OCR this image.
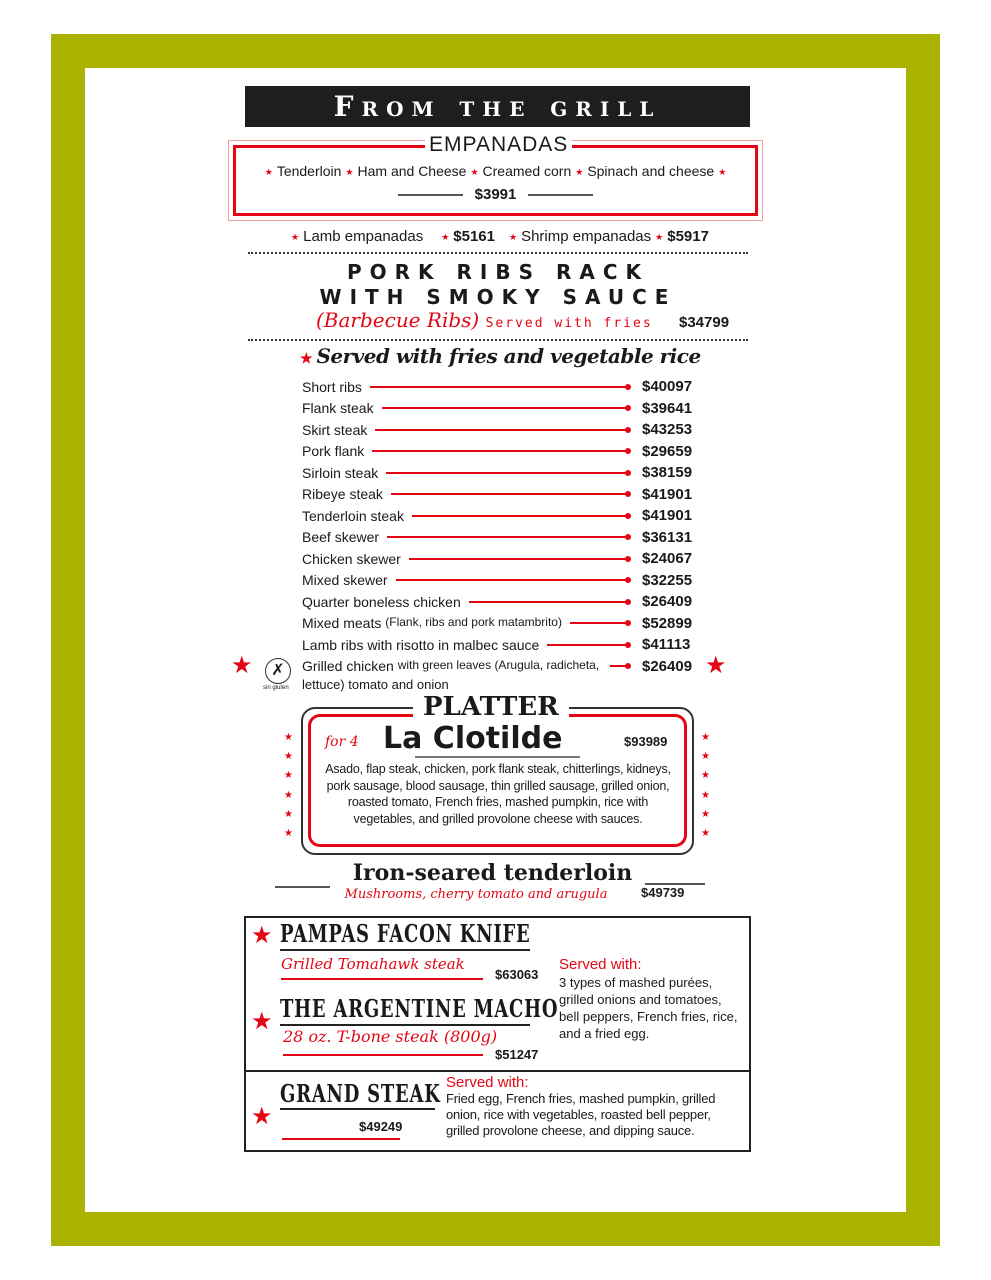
From the grill
EMPANADAS
★ Tenderloin ★ Ham and Cheese ★ Creamed corn ★ Spinach and cheese ★
$3991
★ Lamb empanadas ★ $5161 ★ Shrimp empanadas ★ $5917
PORK RIBS RACK
WITH SMOKY SAUCE
(Barbecue Ribs) Served with fries $34799
★ Served with fries and vegetable rice
Short ribs	$40097
Flank steak	$39641
Skirt steak	$43253
Pork flank	$29659
Sirloin steak	$38159
Ribeye steak	$41901
Tenderloin steak	$41901
Beef skewer	$36131
Chicken skewer	$24067
Mixed skewer	$32255
Quarter boneless chicken	$26409
Mixed meats
(Flank, ribs and pork matambrito)	$52899
Lamb ribs with risotto in malbec sauce	$41113
Grilled chicken
with green leaves (Arugula, radicheta,	$26409
lettuce) tomato and onion
★	★
✗
sin gluten
PLATTER
for 4 La Clotilde	$93989
Asado, flap steak, chicken, pork flank steak, chitterlings, kidneys, pork sausage, blood sausage, thin grilled sausage, grilled onion, roasted tomato, French fries, mashed pumpkin, rice with vegetables, and grilled provolone cheese with sauces.
★
★
★
★
★
★
★
★
★
★
★
★
Iron-seared tenderloin
Mushrooms, cherry tomato and arugula	$49739
★ PAMPAS FACON KNIFE
Grilled Tomahawk steak
$63063
★ THE ARGENTINE MACHO
28 oz. T-bone steak (800g)
$51247
Served with:
3 types of mashed purées, grilled onions and tomatoes, bell peppers, French fries, rice, and a fried egg.
★
GRAND STEAK
$49249
Served with:
Fried egg, French fries, mashed pumpkin, grilled onion, rice with vegetables, roasted bell pepper, grilled provolone cheese, and dipping sauce.
